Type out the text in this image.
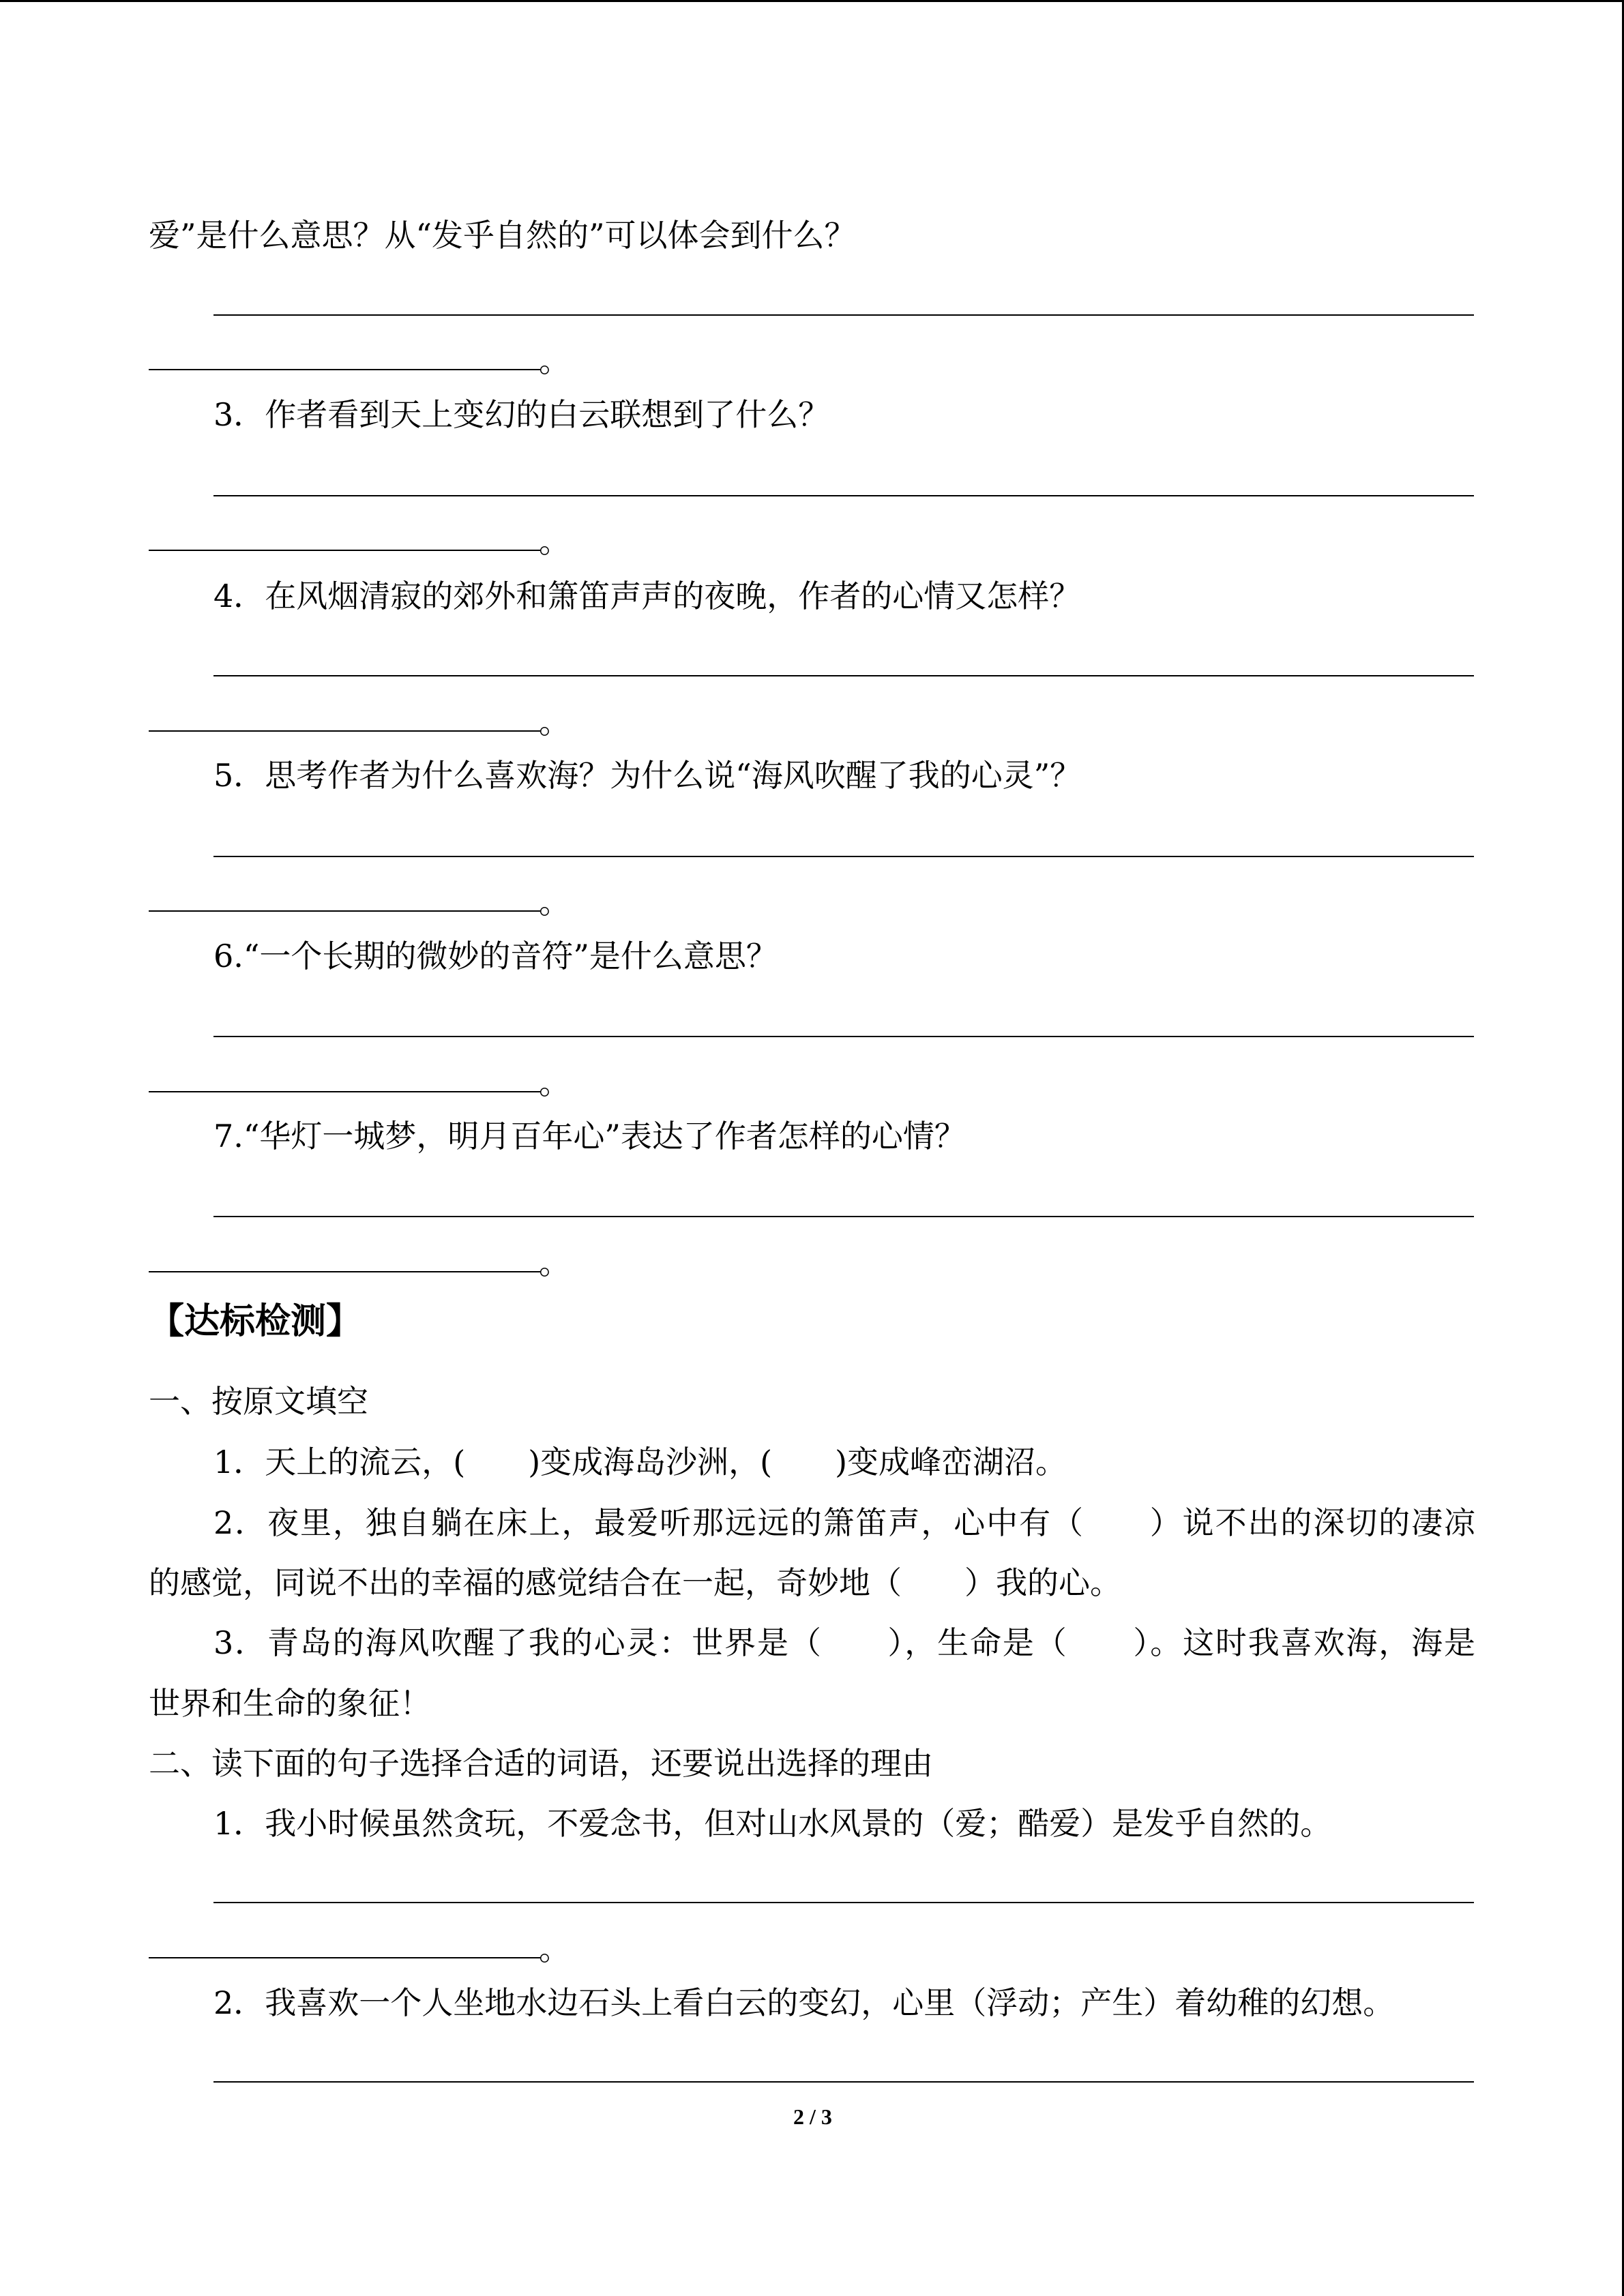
爱”是什么意思？从“发乎自然的”可以体会到什么？
。
3．作者看到天上变幻的白云联想到了什么？
。
4．在风烟清寂的郊外和箫笛声声的夜晚，作者的心情又怎样？
。
5．思考作者为什么喜欢海？为什么说“海风吹醒了我的心灵”？
。
6.“一个长期的微妙的音符”是什么意思？
。
7.“华灯一城梦，明月百年心”表达了作者怎样的心情？
。
【达标检测】
一、按原文填空
1．天上的流云，(　　)变成海岛沙洲，(　　)变成峰峦湖沼。
2．夜里，独自躺在床上，最爱听那远远的箫笛声，心中有（　　）说不出的深切的凄凉
的感觉，同说不出的幸福的感觉结合在一起，奇妙地（　　）我的心。
3．青岛的海风吹醒了我的心灵：世界是（　　），生命是（　　）。这时我喜欢海，海是
世界和生命的象征！
二、读下面的句子选择合适的词语，还要说出选择的理由
1．我小时候虽然贪玩，不爱念书，但对山水风景的（爱；酷爱）是发乎自然的。
。
2．我喜欢一个人坐地水边石头上看白云的变幻，心里（浮动；产生）着幼稚的幻想。
2 / 3
